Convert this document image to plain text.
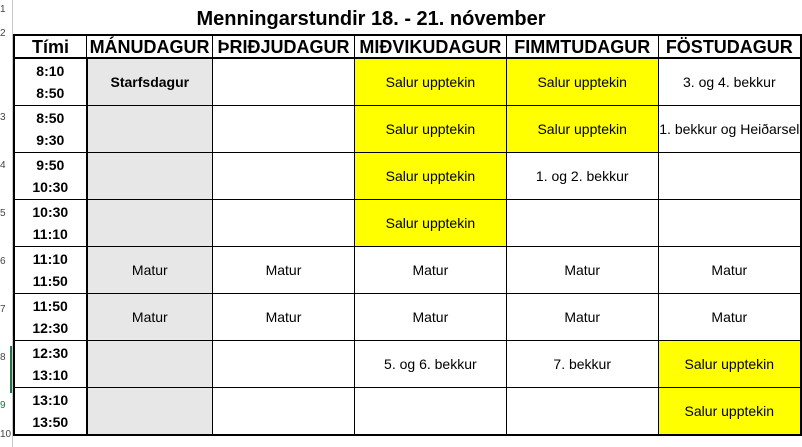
1
2
3
4
5
6
7
8
9
10
Menningarstundir 18. - 21. nóvember
Tími	MÁNUDAGUR	ÞRIÐJUDAGUR	MIÐVIKUDAGUR	FIMMTUDAGUR	FÖSTUDAGUR

8:10
8:50	Starfsdagur		Salur upptekin	Salur upptekin	3. og 4. bekkur

8:50
9:30			Salur upptekin	Salur upptekin	1. bekkur og Heiðarsel

9:50
10:30			Salur upptekin	1. og 2. bekkur	

10:30
11:10			Salur upptekin		

11:10
11:50	Matur	Matur	Matur	Matur	Matur

11:50
12:30	Matur	Matur	Matur	Matur	Matur

12:30
13:10			5. og 6. bekkur	7. bekkur	Salur upptekin

13:10
13:50					Salur upptekin
